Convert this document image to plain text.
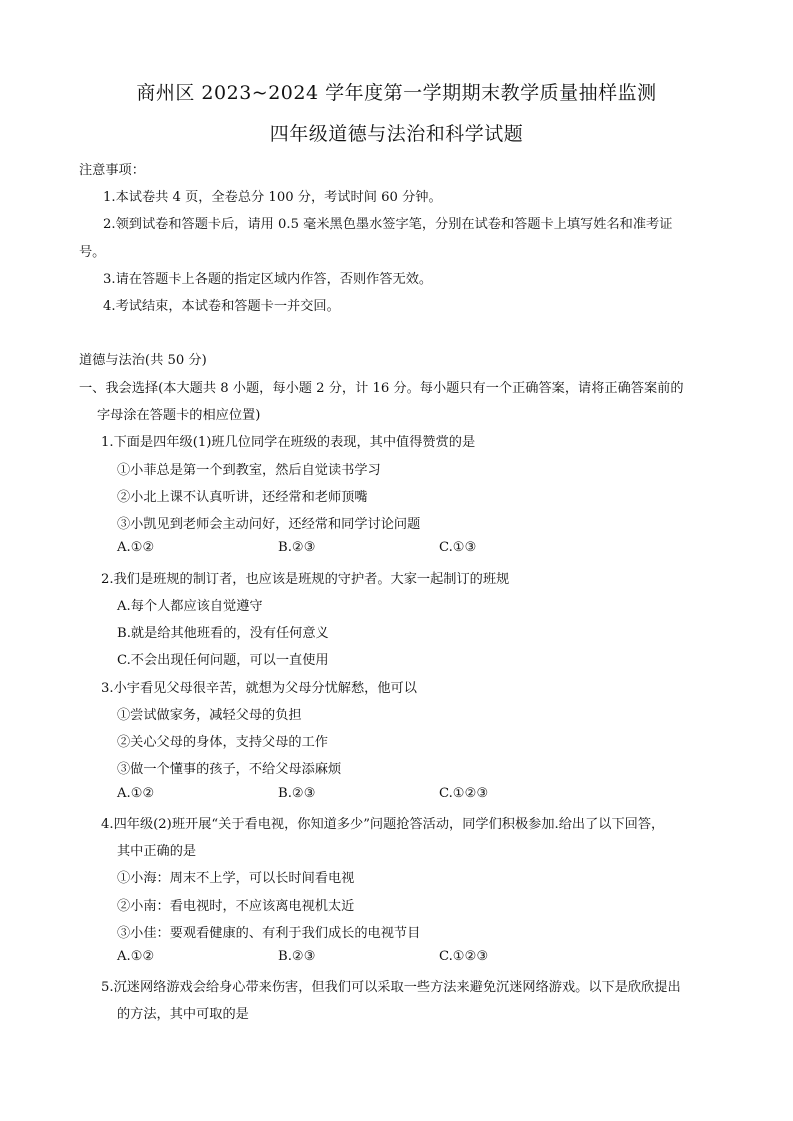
商州区 2023~2024 学年度第一学期期末教学质量抽样监测
四年级道德与法治和科学试题

注意事项：

1.本试卷共 4 页，全卷总分 100 分，考试时间 60 分钟。

2.领到试卷和答题卡后，请用 0.5 毫米黑色墨水签字笔，分别在试卷和答题卡上填写姓名和准考证

号。

3.请在答题卡上各题的指定区域内作答，否则作答无效。

4.考试结束，本试卷和答题卡一并交回。

道德与法治(共 50 分)

一、我会选择(本大题共 8 小题，每小题 2 分，计 16 分。每小题只有一个正确答案，请将正确答案前的

字母涂在答题卡的相应位置)

1.下面是四年级(1)班几位同学在班级的表现，其中值得赞赏的是

①小菲总是第一个到教室，然后自觉读书学习

②小北上课不认真听讲，还经常和老师顶嘴

③小凯见到老师会主动问好，还经常和同学讨论问题

A.①②	B.②③	C.①③

2.我们是班规的制订者，也应该是班规的守护者。大家一起制订的班规

A.每个人都应该自觉遵守

B.就是给其他班看的，没有任何意义

C.不会出现任何问题，可以一直使用

3.小宇看见父母很辛苦，就想为父母分忧解愁，他可以

①尝试做家务，减轻父母的负担

②关心父母的身体，支持父母的工作

③做一个懂事的孩子，不给父母添麻烦

A.①②	B.②③	C.①②③

4.四年级(2)班开展“关于看电视，你知道多少”问题抢答活动，同学们积极参加.给出了以下回答，

其中正确的是

①小海：周末不上学，可以长时间看电视

②小南：看电视时，不应该离电视机太近

③小佳：要观看健康的、有利于我们成长的电视节目

A.①②	B.②③	C.①②③

5.沉迷网络游戏会给身心带来伤害，但我们可以采取一些方法来避免沉迷网络游戏。以下是欣欣提出

的方法，其中可取的是
